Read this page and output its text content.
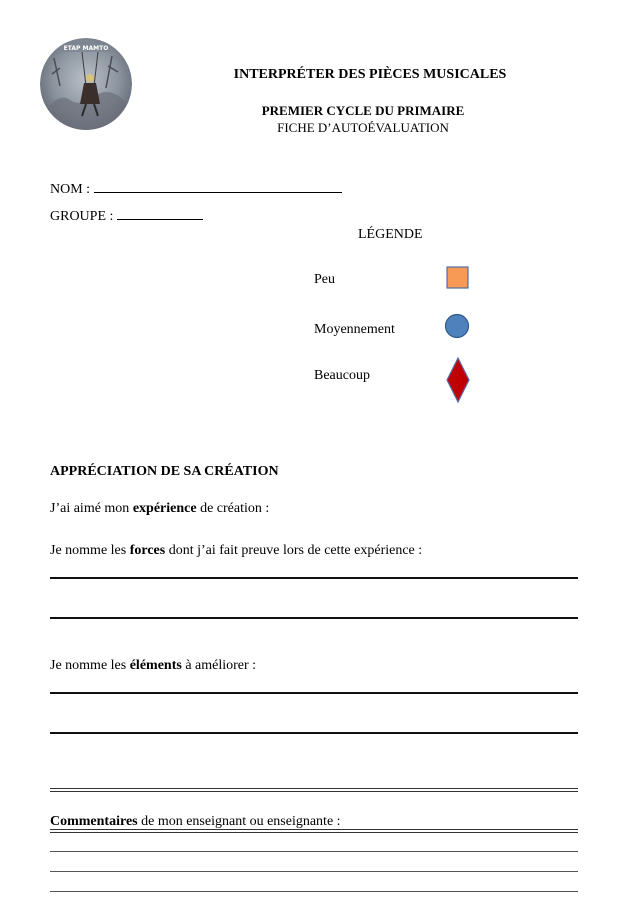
ETAP MAMTO
INTERPRÉTER DES PIÈCES MUSICALES
PREMIER CYCLE DU PRIMAIRE
FICHE D’AUTOÉVALUATION
NOM :
GROUPE :
LÉGENDE
Peu
Moyennement
Beaucoup
APPRÉCIATION DE SA CRÉATION
J’ai aimé mon expérience de création :
Je nomme les forces dont j’ai fait preuve lors de cette expérience :
Je nomme les éléments à améliorer :
Commentaires de mon enseignant ou enseignante :
